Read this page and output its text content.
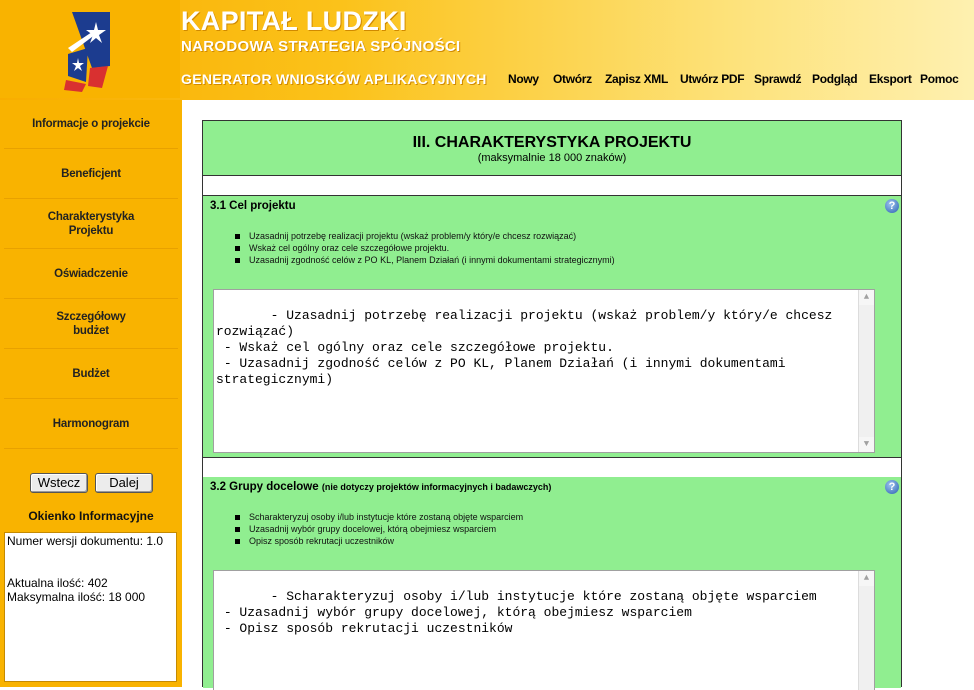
KAPITAŁ LUDZKI
NARODOWA STRATEGIA SPÓJNOŚCI
GENERATOR WNIOSKÓW APLIKACYJNYCH Nowy Otwórz Zapisz XML Utwórz PDF Sprawdź Podgląd Eksport Pomoc
Informacje o projekcie
Beneficjent
Charakterystyka
Projektu
Oświadczenie
Szczegółowy
budżet
Budżet
Harmonogram
Wstecz	Dalej
Okienko Informacyjne
Numer wersji dokumentu: 1.0
Aktualna ilość: 402
Maksymalna ilość: 18 000
III. CHARAKTERYSTYKA PROJEKTU
(maksymalnie 18 000 znaków)
3.1 Cel projektu	?
Uzasadnij potrzebę realizacji projektu (wskaż problem/y który/e chcesz rozwiązać)
Wskaż cel ogólny oraz cele szczegółowe projektu.
Uzasadnij zgodność celów z PO KL, Planem Działań (i innymi dokumentami strategicznymi)

- Uzasadnij potrzebę realizacji projektu (wskaż problem/y który/e chcesz rozwiązać)
- Wskaż cel ogólny oraz cele szczegółowe projektu.
- Uzasadnij zgodność celów z PO KL, Planem Działań (i innymi dokumentami strategicznymi)

▲

▼

3.2 Grupy docelowe (nie dotyczy projektów informacyjnych i badawczych)	?
Scharakteryzuj osoby i/lub instytucje które zostaną objęte wsparciem
Uzasadnij wybór grupy docelowej, którą obejmiesz wsparciem
Opisz sposób rekrutacji uczestników

- Scharakteryzuj osoby i/lub instytucje które zostaną objęte wsparciem
- Uzasadnij wybór grupy docelowej, którą obejmiesz wsparciem
- Opisz sposób rekrutacji uczestników

▲
